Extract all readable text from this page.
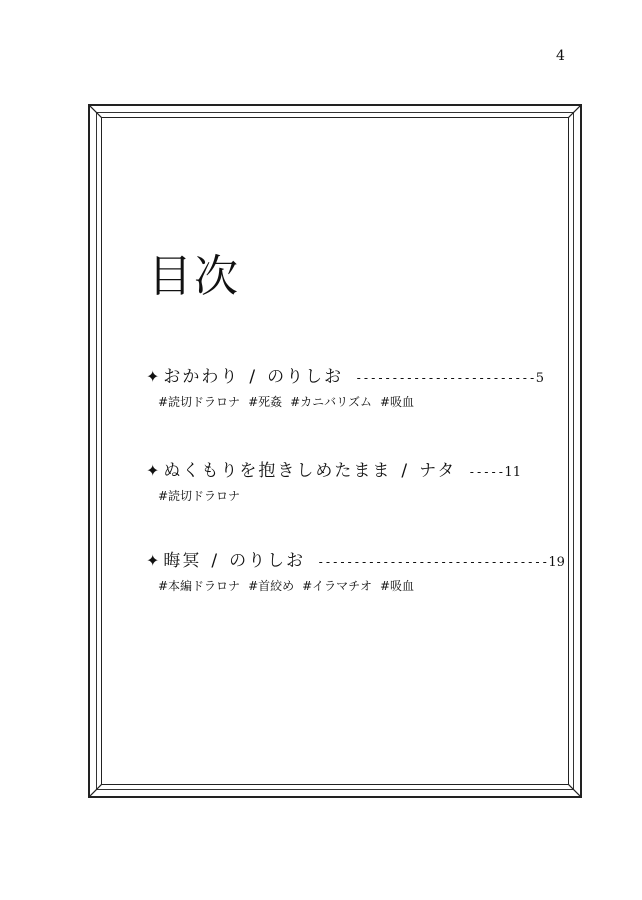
4
目次
✦ おかわり / のりしお ------------------------- 5
#読切ドラロナ #死姦 #カニバリズム #吸血
✦ ぬくもりを抱きしめたまま / ナタ ----- 11
#読切ドラロナ
✦ 晦冥 / のりしお -------------------------------- 19
#本編ドラロナ #首絞め #イラマチオ #吸血
